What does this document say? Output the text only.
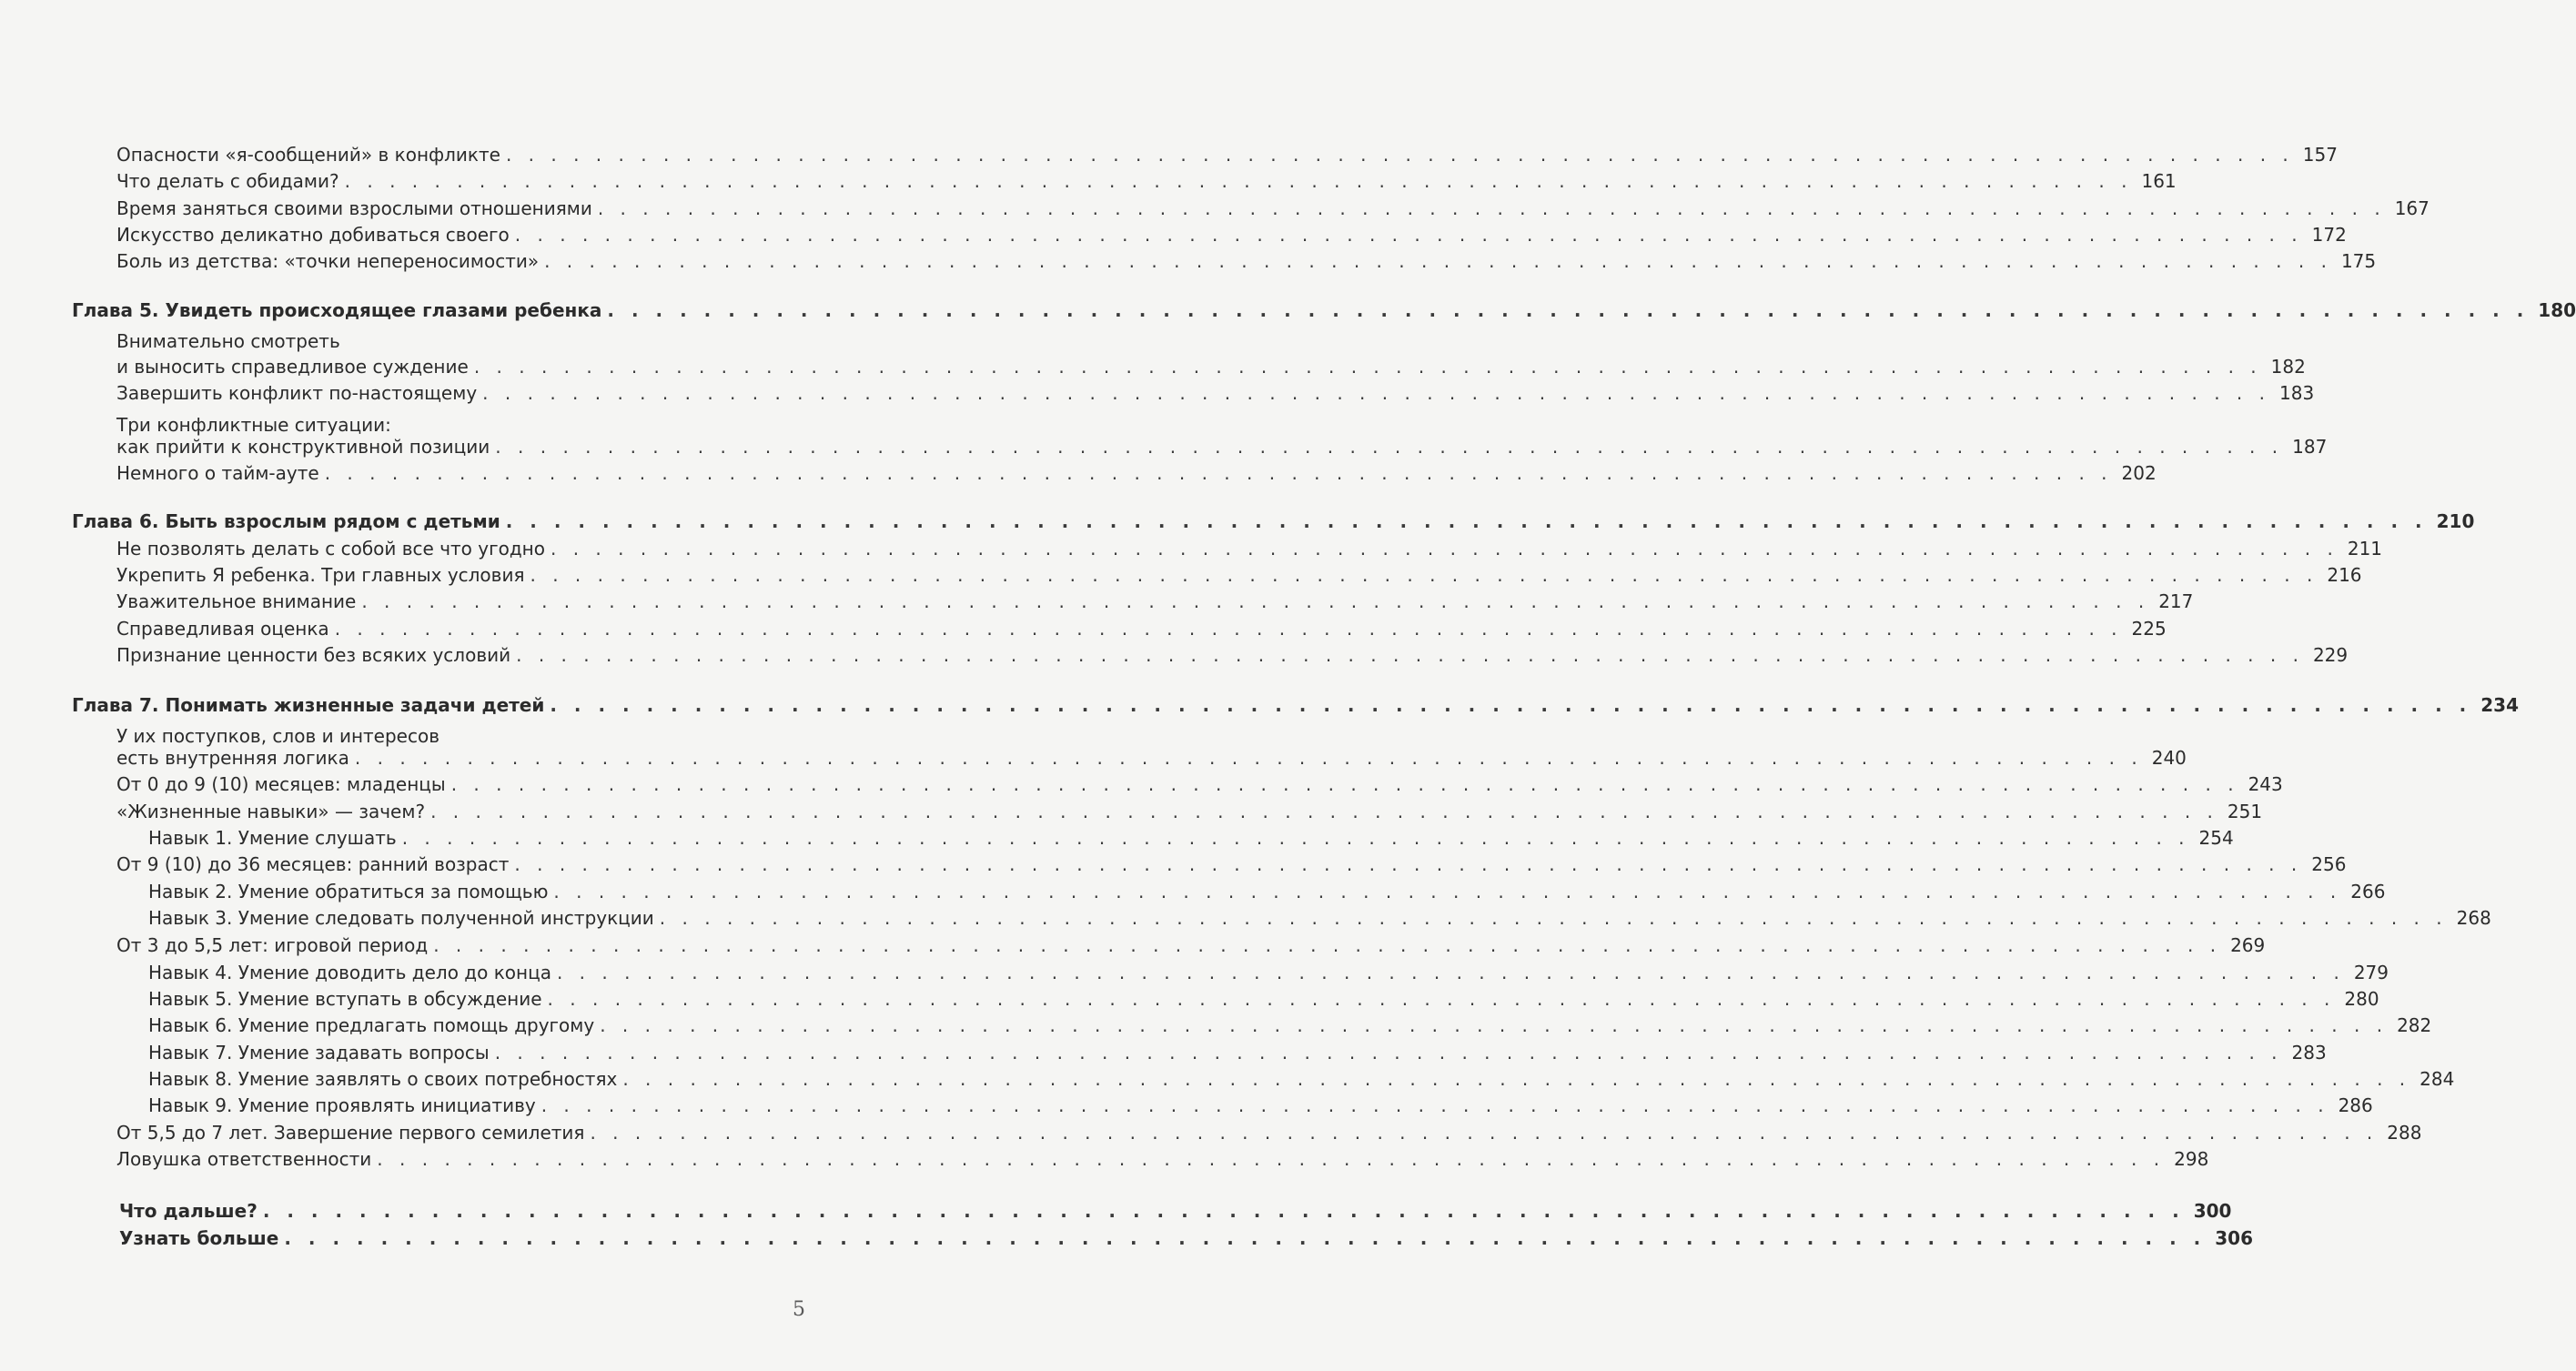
Опасности «я-сообщений» в конфликте . . . . . . . . . . . . . . . . . . . . . . . . . . . . . . . . . . . . . . . . . . . . . . . . . . . . . . . . . . . . . . . . . . . . . . . . . . . . . . . . 157
Что делать с обидами? . . . . . . . . . . . . . . . . . . . . . . . . . . . . . . . . . . . . . . . . . . . . . . . . . . . . . . . . . . . . . . . . . . . . . . . . . . . . . . . . 161
Время заняться своими взрослыми отношениями . . . . . . . . . . . . . . . . . . . . . . . . . . . . . . . . . . . . . . . . . . . . . . . . . . . . . . . . . . . . . . . . . . . . . . . . . . . . . . . . 167
Искусство деликатно добиваться своего . . . . . . . . . . . . . . . . . . . . . . . . . . . . . . . . . . . . . . . . . . . . . . . . . . . . . . . . . . . . . . . . . . . . . . . . . . . . . . . . 172
Боль из детства: «точки непереносимости» . . . . . . . . . . . . . . . . . . . . . . . . . . . . . . . . . . . . . . . . . . . . . . . . . . . . . . . . . . . . . . . . . . . . . . . . . . . . . . . . 175
Глава 5. Увидеть происходящее глазами ребенка . . . . . . . . . . . . . . . . . . . . . . . . . . . . . . . . . . . . . . . . . . . . . . . . . . . . . . . . . . . . . . . . . . . . . . . . . . . . . . . . 180
Внимательно смотреть
и выносить справедливое суждение . . . . . . . . . . . . . . . . . . . . . . . . . . . . . . . . . . . . . . . . . . . . . . . . . . . . . . . . . . . . . . . . . . . . . . . . . . . . . . . . 182
Завершить конфликт по-настоящему . . . . . . . . . . . . . . . . . . . . . . . . . . . . . . . . . . . . . . . . . . . . . . . . . . . . . . . . . . . . . . . . . . . . . . . . . . . . . . . . 183
Три конфликтные ситуации:
как прийти к конструктивной позиции . . . . . . . . . . . . . . . . . . . . . . . . . . . . . . . . . . . . . . . . . . . . . . . . . . . . . . . . . . . . . . . . . . . . . . . . . . . . . . . . 187
Немного о тайм-ауте . . . . . . . . . . . . . . . . . . . . . . . . . . . . . . . . . . . . . . . . . . . . . . . . . . . . . . . . . . . . . . . . . . . . . . . . . . . . . . . . 202
Глава 6. Быть взрослым рядом с детьми . . . . . . . . . . . . . . . . . . . . . . . . . . . . . . . . . . . . . . . . . . . . . . . . . . . . . . . . . . . . . . . . . . . . . . . . . . . . . . . . 210
Не позволять делать с собой все что угодно . . . . . . . . . . . . . . . . . . . . . . . . . . . . . . . . . . . . . . . . . . . . . . . . . . . . . . . . . . . . . . . . . . . . . . . . . . . . . . . . 211
Укрепить Я ребенка. Три главных условия . . . . . . . . . . . . . . . . . . . . . . . . . . . . . . . . . . . . . . . . . . . . . . . . . . . . . . . . . . . . . . . . . . . . . . . . . . . . . . . . 216
Уважительное внимание . . . . . . . . . . . . . . . . . . . . . . . . . . . . . . . . . . . . . . . . . . . . . . . . . . . . . . . . . . . . . . . . . . . . . . . . . . . . . . . . 217
Справедливая оценка . . . . . . . . . . . . . . . . . . . . . . . . . . . . . . . . . . . . . . . . . . . . . . . . . . . . . . . . . . . . . . . . . . . . . . . . . . . . . . . . 225
Признание ценности без всяких условий . . . . . . . . . . . . . . . . . . . . . . . . . . . . . . . . . . . . . . . . . . . . . . . . . . . . . . . . . . . . . . . . . . . . . . . . . . . . . . . . 229
Глава 7. Понимать жизненные задачи детей . . . . . . . . . . . . . . . . . . . . . . . . . . . . . . . . . . . . . . . . . . . . . . . . . . . . . . . . . . . . . . . . . . . . . . . . . . . . . . . . 234
У их поступков, слов и интересов
есть внутренняя логика . . . . . . . . . . . . . . . . . . . . . . . . . . . . . . . . . . . . . . . . . . . . . . . . . . . . . . . . . . . . . . . . . . . . . . . . . . . . . . . . 240
От 0 до 9 (10) месяцев: младенцы . . . . . . . . . . . . . . . . . . . . . . . . . . . . . . . . . . . . . . . . . . . . . . . . . . . . . . . . . . . . . . . . . . . . . . . . . . . . . . . . 243
«Жизненные навыки» — зачем? . . . . . . . . . . . . . . . . . . . . . . . . . . . . . . . . . . . . . . . . . . . . . . . . . . . . . . . . . . . . . . . . . . . . . . . . . . . . . . . . 251
Навык 1. Умение слушать . . . . . . . . . . . . . . . . . . . . . . . . . . . . . . . . . . . . . . . . . . . . . . . . . . . . . . . . . . . . . . . . . . . . . . . . . . . . . . . . 254
От 9 (10) до 36 месяцев: ранний возраст . . . . . . . . . . . . . . . . . . . . . . . . . . . . . . . . . . . . . . . . . . . . . . . . . . . . . . . . . . . . . . . . . . . . . . . . . . . . . . . . 256
Навык 2. Умение обратиться за помощью . . . . . . . . . . . . . . . . . . . . . . . . . . . . . . . . . . . . . . . . . . . . . . . . . . . . . . . . . . . . . . . . . . . . . . . . . . . . . . . . 266
Навык 3. Умение следовать полученной инструкции . . . . . . . . . . . . . . . . . . . . . . . . . . . . . . . . . . . . . . . . . . . . . . . . . . . . . . . . . . . . . . . . . . . . . . . . . . . . . . . . 268
От 3 до 5,5 лет: игровой период . . . . . . . . . . . . . . . . . . . . . . . . . . . . . . . . . . . . . . . . . . . . . . . . . . . . . . . . . . . . . . . . . . . . . . . . . . . . . . . . 269
Навык 4. Умение доводить дело до конца . . . . . . . . . . . . . . . . . . . . . . . . . . . . . . . . . . . . . . . . . . . . . . . . . . . . . . . . . . . . . . . . . . . . . . . . . . . . . . . . 279
Навык 5. Умение вступать в обсуждение . . . . . . . . . . . . . . . . . . . . . . . . . . . . . . . . . . . . . . . . . . . . . . . . . . . . . . . . . . . . . . . . . . . . . . . . . . . . . . . . 280
Навык 6. Умение предлагать помощь другому . . . . . . . . . . . . . . . . . . . . . . . . . . . . . . . . . . . . . . . . . . . . . . . . . . . . . . . . . . . . . . . . . . . . . . . . . . . . . . . . 282
Навык 7. Умение задавать вопросы . . . . . . . . . . . . . . . . . . . . . . . . . . . . . . . . . . . . . . . . . . . . . . . . . . . . . . . . . . . . . . . . . . . . . . . . . . . . . . . . 283
Навык 8. Умение заявлять о своих потребностях . . . . . . . . . . . . . . . . . . . . . . . . . . . . . . . . . . . . . . . . . . . . . . . . . . . . . . . . . . . . . . . . . . . . . . . . . . . . . . . . 284
Навык 9. Умение проявлять инициативу . . . . . . . . . . . . . . . . . . . . . . . . . . . . . . . . . . . . . . . . . . . . . . . . . . . . . . . . . . . . . . . . . . . . . . . . . . . . . . . . 286
От 5,5 до 7 лет. Завершение первого семилетия . . . . . . . . . . . . . . . . . . . . . . . . . . . . . . . . . . . . . . . . . . . . . . . . . . . . . . . . . . . . . . . . . . . . . . . . . . . . . . . . 288
Ловушка ответственности . . . . . . . . . . . . . . . . . . . . . . . . . . . . . . . . . . . . . . . . . . . . . . . . . . . . . . . . . . . . . . . . . . . . . . . . . . . . . . . . 298
Что дальше? . . . . . . . . . . . . . . . . . . . . . . . . . . . . . . . . . . . . . . . . . . . . . . . . . . . . . . . . . . . . . . . . . . . . . . . . . . . . . . . . 300
Узнать больше . . . . . . . . . . . . . . . . . . . . . . . . . . . . . . . . . . . . . . . . . . . . . . . . . . . . . . . . . . . . . . . . . . . . . . . . . . . . . . . . 306
5
